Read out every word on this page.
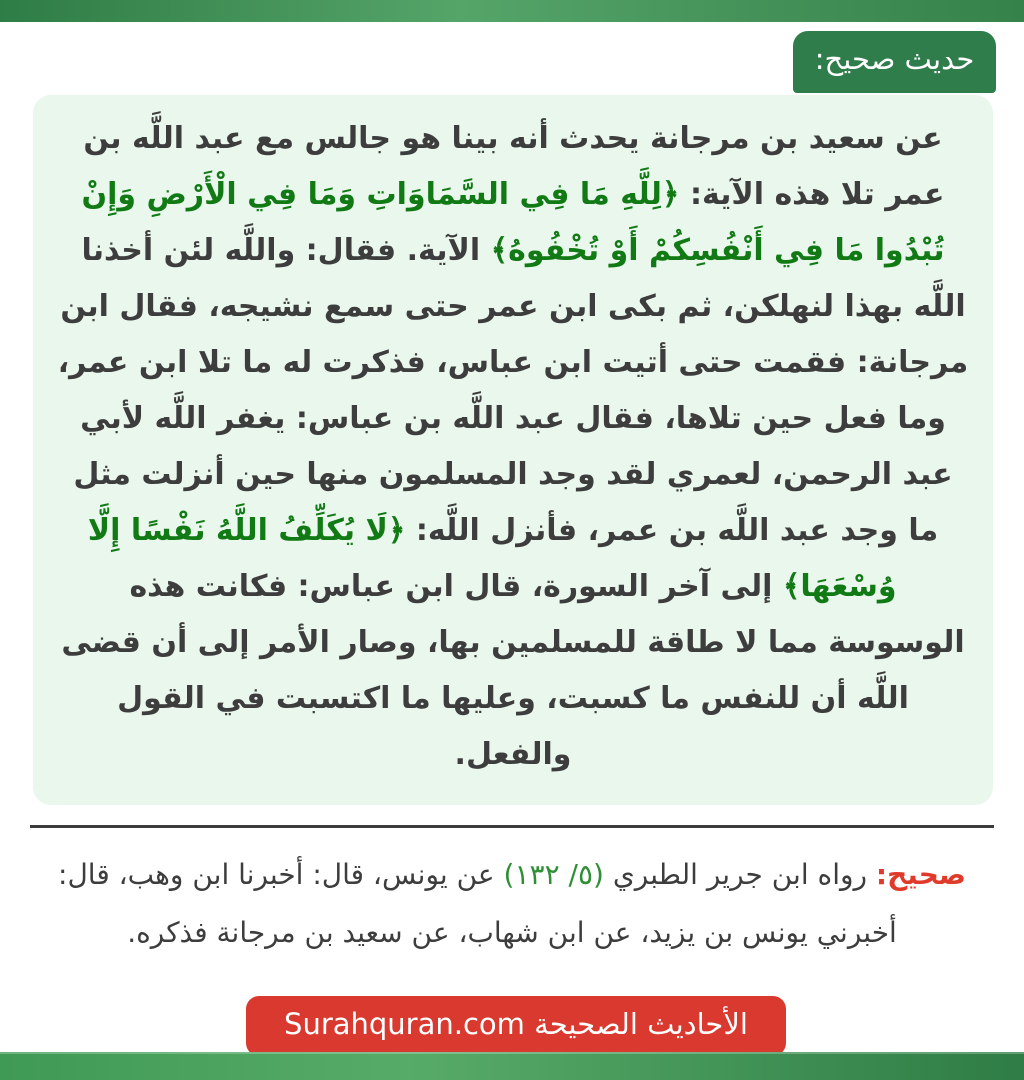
حديث صحيح:

عن سعيد بن مرجانة يحدث أنه بينا هو جالس مع عبد اللَّه بن عمر تلا هذه الآية: ﴿لِلَّهِ مَا فِي السَّمَاوَاتِ وَمَا فِي الْأَرْضِ وَإِنْ تُبْدُوا مَا فِي أَنْفُسِكُمْ أَوْ تُخْفُوهُ﴾ الآية. فقال: واللَّه لئن أخذنا اللَّه بهذا لنهلكن، ثم بكى ابن عمر حتى سمع نشيجه، فقال ابن مرجانة: فقمت حتى أتيت ابن عباس، فذكرت له ما تلا ابن عمر، وما فعل حين تلاها، فقال عبد اللَّه بن عباس: يغفر اللَّه لأبي عبد الرحمن، لعمري لقد وجد المسلمون منها حين أنزلت مثل ما وجد عبد اللَّه بن عمر، فأنزل اللَّه: ﴿لَا يُكَلِّفُ اللَّهُ نَفْسًا إِلَّا وُسْعَهَا﴾ إلى آخر السورة، قال ابن عباس: فكانت هذه الوسوسة مما لا طاقة للمسلمين بها، وصار الأمر إلى أن قضى اللَّه أن للنفس ما كسبت، وعليها ما اكتسبت في القول والفعل.

صحيح: رواه ابن جرير الطبري (٥/ ١٣٢) عن يونس، قال: أخبرنا ابن وهب، قال: أخبرني يونس بن يزيد، عن ابن شهاب، عن سعيد بن مرجانة فذكره.

الأحاديث الصحيحة Surahquran.com
